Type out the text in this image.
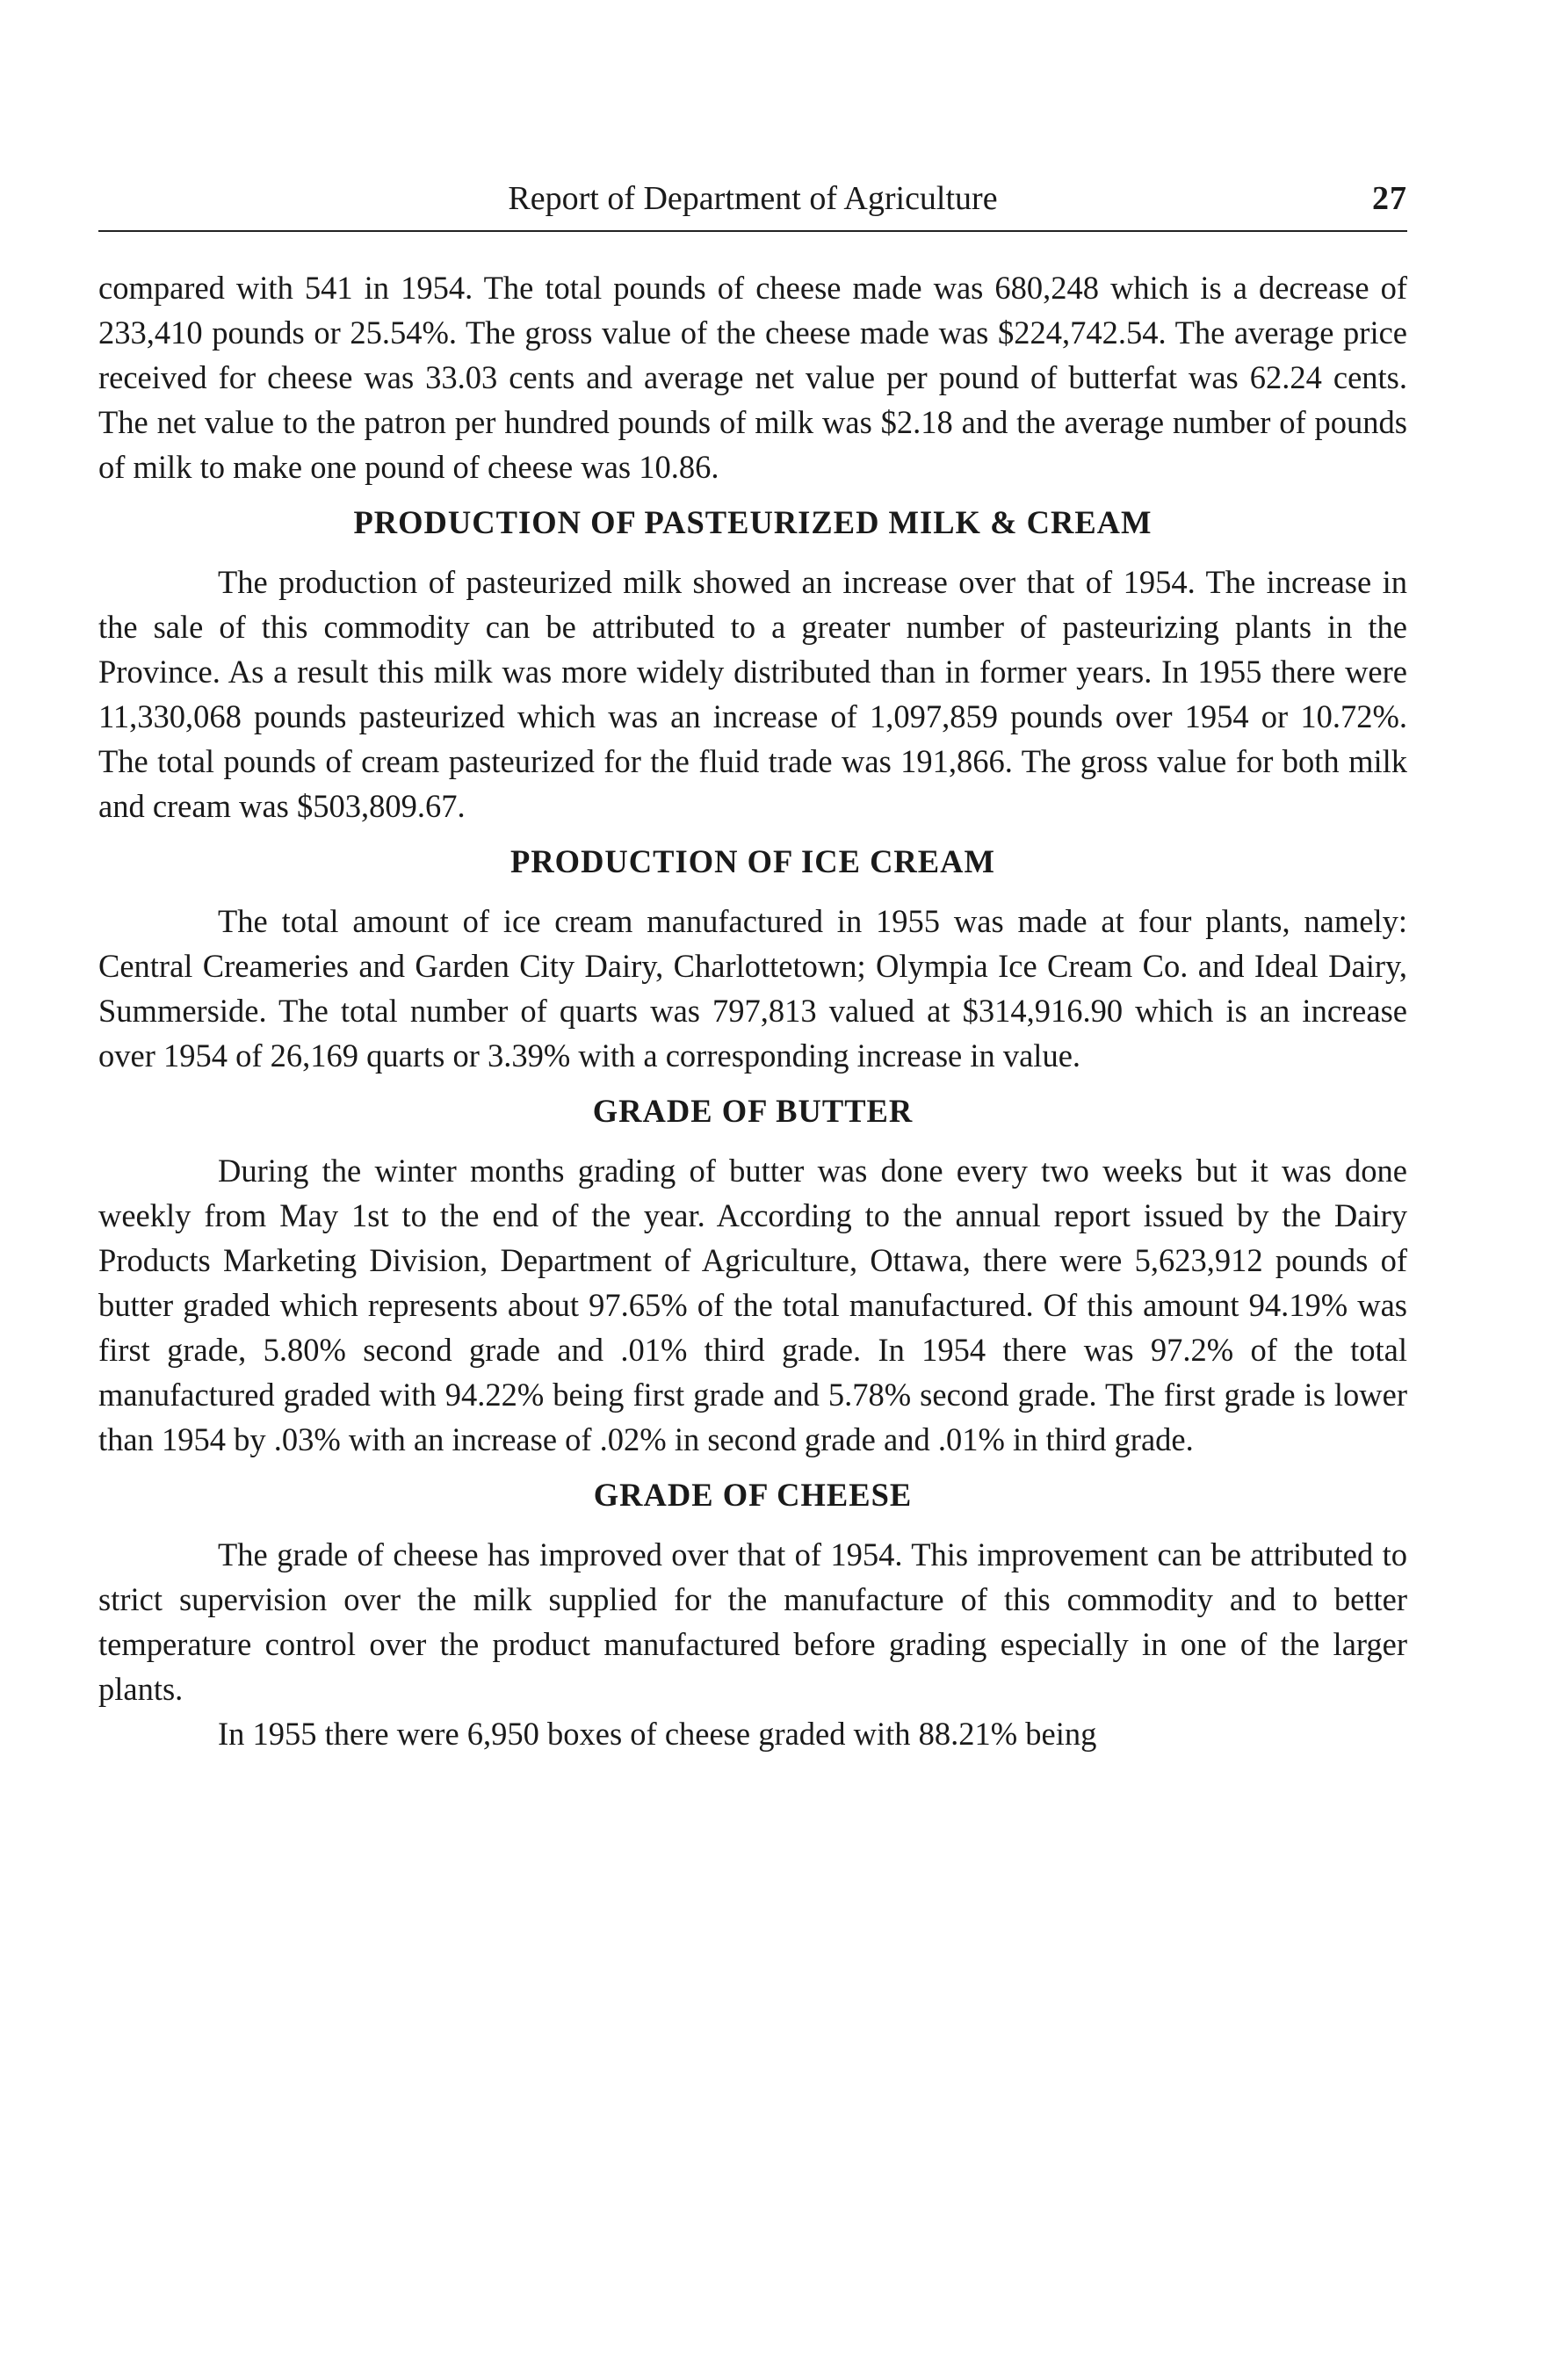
Report of Department of Agriculture	27

compared with 541 in 1954. The total pounds of cheese made was 680,248 which is a decrease of 233,410 pounds or 25.54%. The gross value of the cheese made was $224,742.54. The average price received for cheese was 33.03 cents and average net value per pound of butterfat was 62.24 cents. The net value to the patron per hundred pounds of milk was $2.18 and the average number of pounds of milk to make one pound of cheese was 10.86.

PRODUCTION OF PASTEURIZED MILK & CREAM

The production of pasteurized milk showed an increase over that of 1954. The increase in the sale of this commodity can be attributed to a greater number of pasteurizing plants in the Province. As a result this milk was more widely distributed than in former years. In 1955 there were 11,330,068 pounds pasteurized which was an increase of 1,097,859 pounds over 1954 or 10.72%. The total pounds of cream pasteurized for the fluid trade was 191,866. The gross value for both milk and cream was $503,809.67.

PRODUCTION OF ICE CREAM

The total amount of ice cream manufactured in 1955 was made at four plants, namely: Central Creameries and Garden City Dairy, Charlottetown; Olympia Ice Cream Co. and Ideal Dairy, Summerside. The total number of quarts was 797,813 valued at $314,916.90 which is an increase over 1954 of 26,169 quarts or 3.39% with a corresponding increase in value.

GRADE OF BUTTER

During the winter months grading of butter was done every two weeks but it was done weekly from May 1st to the end of the year. According to the annual report issued by the Dairy Products Marketing Division, Department of Agriculture, Ottawa, there were 5,623,912 pounds of butter graded which represents about 97.65% of the total manufactured. Of this amount 94.19% was first grade, 5.80% second grade and .01% third grade. In 1954 there was 97.2% of the total manufactured graded with 94.22% being first grade and 5.78% second grade. The first grade is lower than 1954 by .03% with an increase of .02% in second grade and .01% in third grade.

GRADE OF CHEESE

The grade of cheese has improved over that of 1954. This improvement can be attributed to strict supervision over the milk supplied for the manufacture of this commodity and to better temperature control over the product manufactured before grading especially in one of the larger plants.

In 1955 there were 6,950 boxes of cheese graded with 88.21% being
